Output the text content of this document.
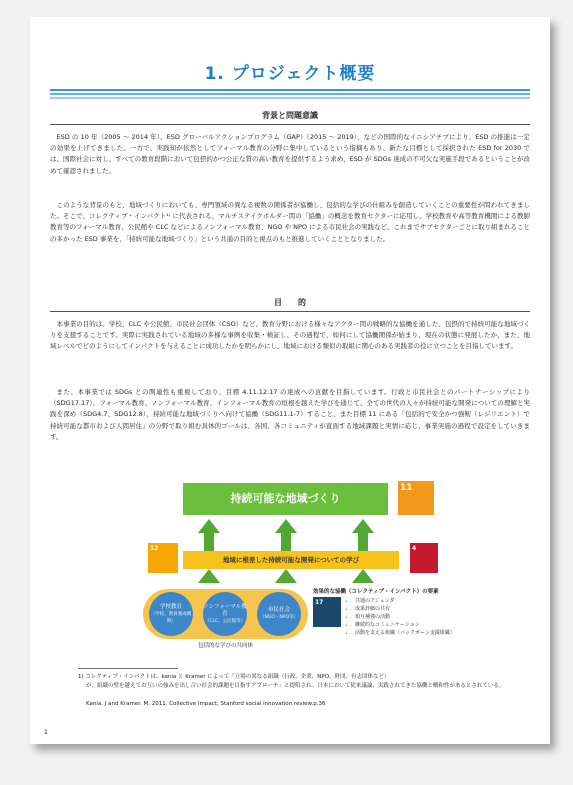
1. プロジェクト概要
背景と問題意識

ESD の 10 年（2005 ～ 2014 年）、ESD グローバルアクションプログラム（GAP）（2015 ～ 2019）、などの国際的なイニシアチブにより、ESD の推進は一定の効果を上げてきました。一方で、実践知が依然としてフォーマル教育の分野に集中しているという指摘もあり、新たな目標として採択された ESD for 2030 では、国際社会に対し、すべての教育段階において包摂的かつ公正な質の高い教育を提供するよう求め、ESD が SDGs 達成の不可欠な実施手段であるということが改めて確認されました。

このような背景のもと、地域づくりにおいても、専門領域の異なる複数の関係者が協働し、包括的な学びの仕組みを創造していくことの重要性が問われてきました。そこで、コレクティブ・インパクト¹⁾ に代表される、マルチステイクホルダー間の「協働」の概念を教育セクターに応用し、学校教育や高等教育機関による教師教育等のフォーマル教育、公民館や CLC などによるノンフォーマル教育、NGO や NPO による市民社会の実践など、これまでサブセクターごとに取り組まれることの多かった ESD 事業を、「持続可能な地域づくり」という共通の目的と視点のもと推進していくこととなりました。

目　　的

本事業の目的は、学校、CLC や公民館、市民社会団体（CSO）など、教育分野における様々なアクター間の戦略的な協働を通した、包摂的で持続可能な地域づくりを支援することです。実際に実践されている地域の多様な事例を収集・検証し、その過程で、如何にして協働関係が始まり、現在の状態に発展したか、また、地域レベルでどのようにしてインパクトを与えることに成功したかを明らかにし、地域における類似の取組に関心のある実践者の役に立つことを目指しています。

また、本事業では SDGs との関連性も重視しており、目標 4.11.12.17 の達成への貢献を目指しています。行政と市民社会とのパートナーシップにより（SDG17.17）、フォーマル教育、ノンフォーマル教育、インフォーマル教育の垣根を越えた学びを通じて、全ての世代の人々が持続可能な開発についての理解と実践を深め（SDG4.7、SDG12.8）、持続可能な地域づくりへ向けて協働（SDG11.1-7）すること、また目標 11 にある「包括的で安全かつ強靭（レジリエント）で持続可能な都市および人間居住」の分野で取り組む具体的ゴールは、各国、各コミュニティが直面する地域課題と実情に応じ、事業実施の過程で設定をしていきます。

持続可能な地域づくり
11
12
地域に根差した持続可能な開発についての学び
4
学校教育
（学校、教員養成機関）
ノンフォーマル教育
（CLC、公民館等）
市民社会
（NGO・NPO等）
包括的な学びの共同体
効果的な協働（コレクティブ・インパクト）の要素
17
•	共通のアジェンダ
• 成果評価の共有
• 相互補強の活動
• 継続的なコミュニケーション
• 活動を支える組織（バックボーン支援組織）

1) コレクティブ・インパクトは、kania と Kramer によって「立場の異なる組織（行政、企業、NPO、財団、有志団体など）
が、組織の壁を越えてお互いの強みを出し合い社会的課題を目指すアプローチ」と提唱され、日本において従来議論、実践されてきた協働と概和性があるとされている。

Kania. J and Kramer. M. 2011. Collective Impact, Stanford social innovation review.p.36
1
